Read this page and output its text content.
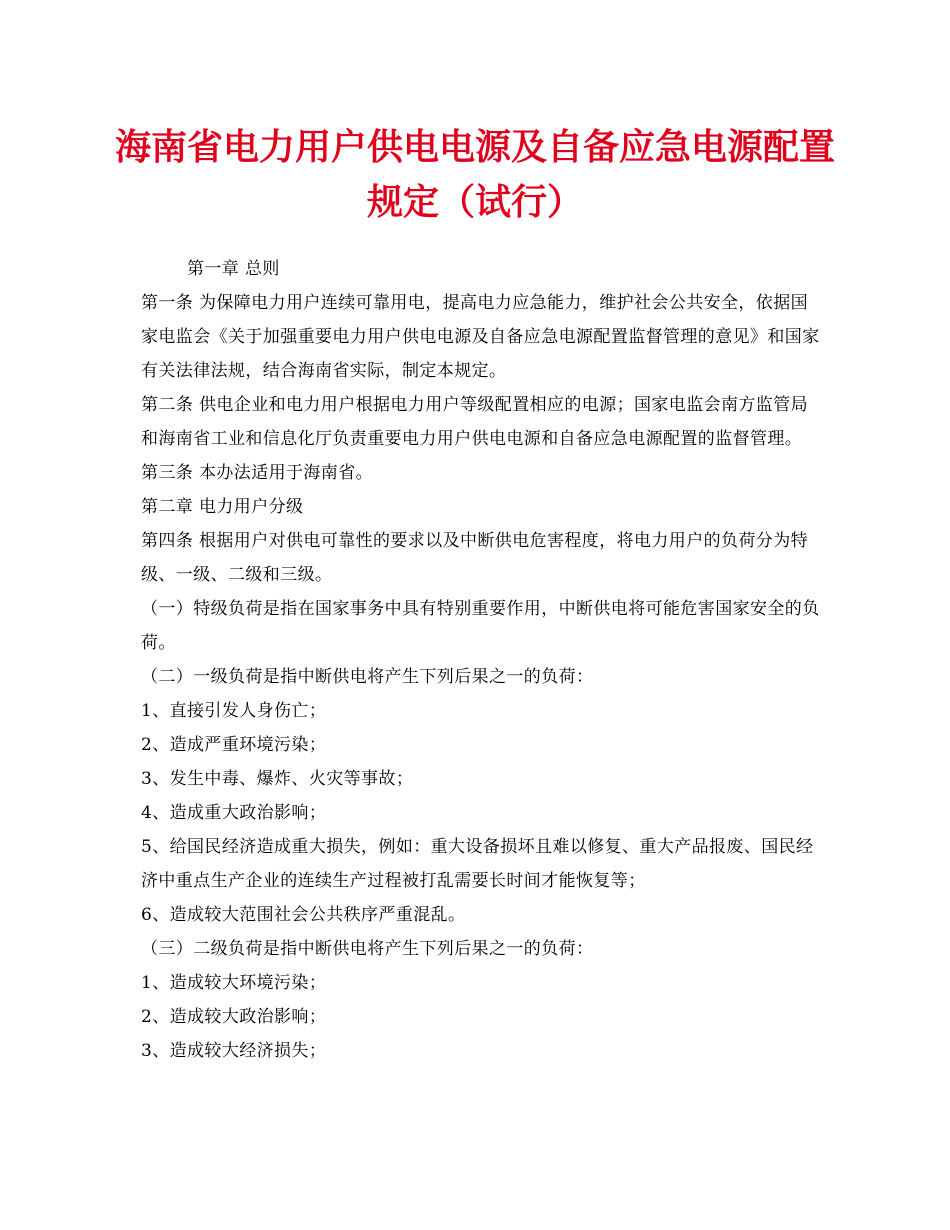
海南省电力用户供电电源及自备应急电源配置规定（试行）

第一章 总则

第一条 为保障电力用户连续可靠用电，提高电力应急能力，维护社会公共安全，依据国家电监会《关于加强重要电力用户供电电源及自备应急电源配置监督管理的意见》和国家有关法律法规，结合海南省实际，制定本规定。

第二条 供电企业和电力用户根据电力用户等级配置相应的电源；国家电监会南方监管局和海南省工业和信息化厅负责重要电力用户供电电源和自备应急电源配置的监督管理。

第三条 本办法适用于海南省。

第二章 电力用户分级

第四条 根据用户对供电可靠性的要求以及中断供电危害程度，将电力用户的负荷分为特级、一级、二级和三级。

（一）特级负荷是指在国家事务中具有特别重要作用，中断供电将可能危害国家安全的负荷。

（二）一级负荷是指中断供电将产生下列后果之一的负荷：

1、直接引发人身伤亡；

2、造成严重环境污染；

3、发生中毒、爆炸、火灾等事故；

4、造成重大政治影响；

5、给国民经济造成重大损失，例如：重大设备损坏且难以修复、重大产品报废、国民经济中重点生产企业的连续生产过程被打乱需要长时间才能恢复等；

6、造成较大范围社会公共秩序严重混乱。

（三）二级负荷是指中断供电将产生下列后果之一的负荷：

1、造成较大环境污染；

2、造成较大政治影响；

3、造成较大经济损失；
